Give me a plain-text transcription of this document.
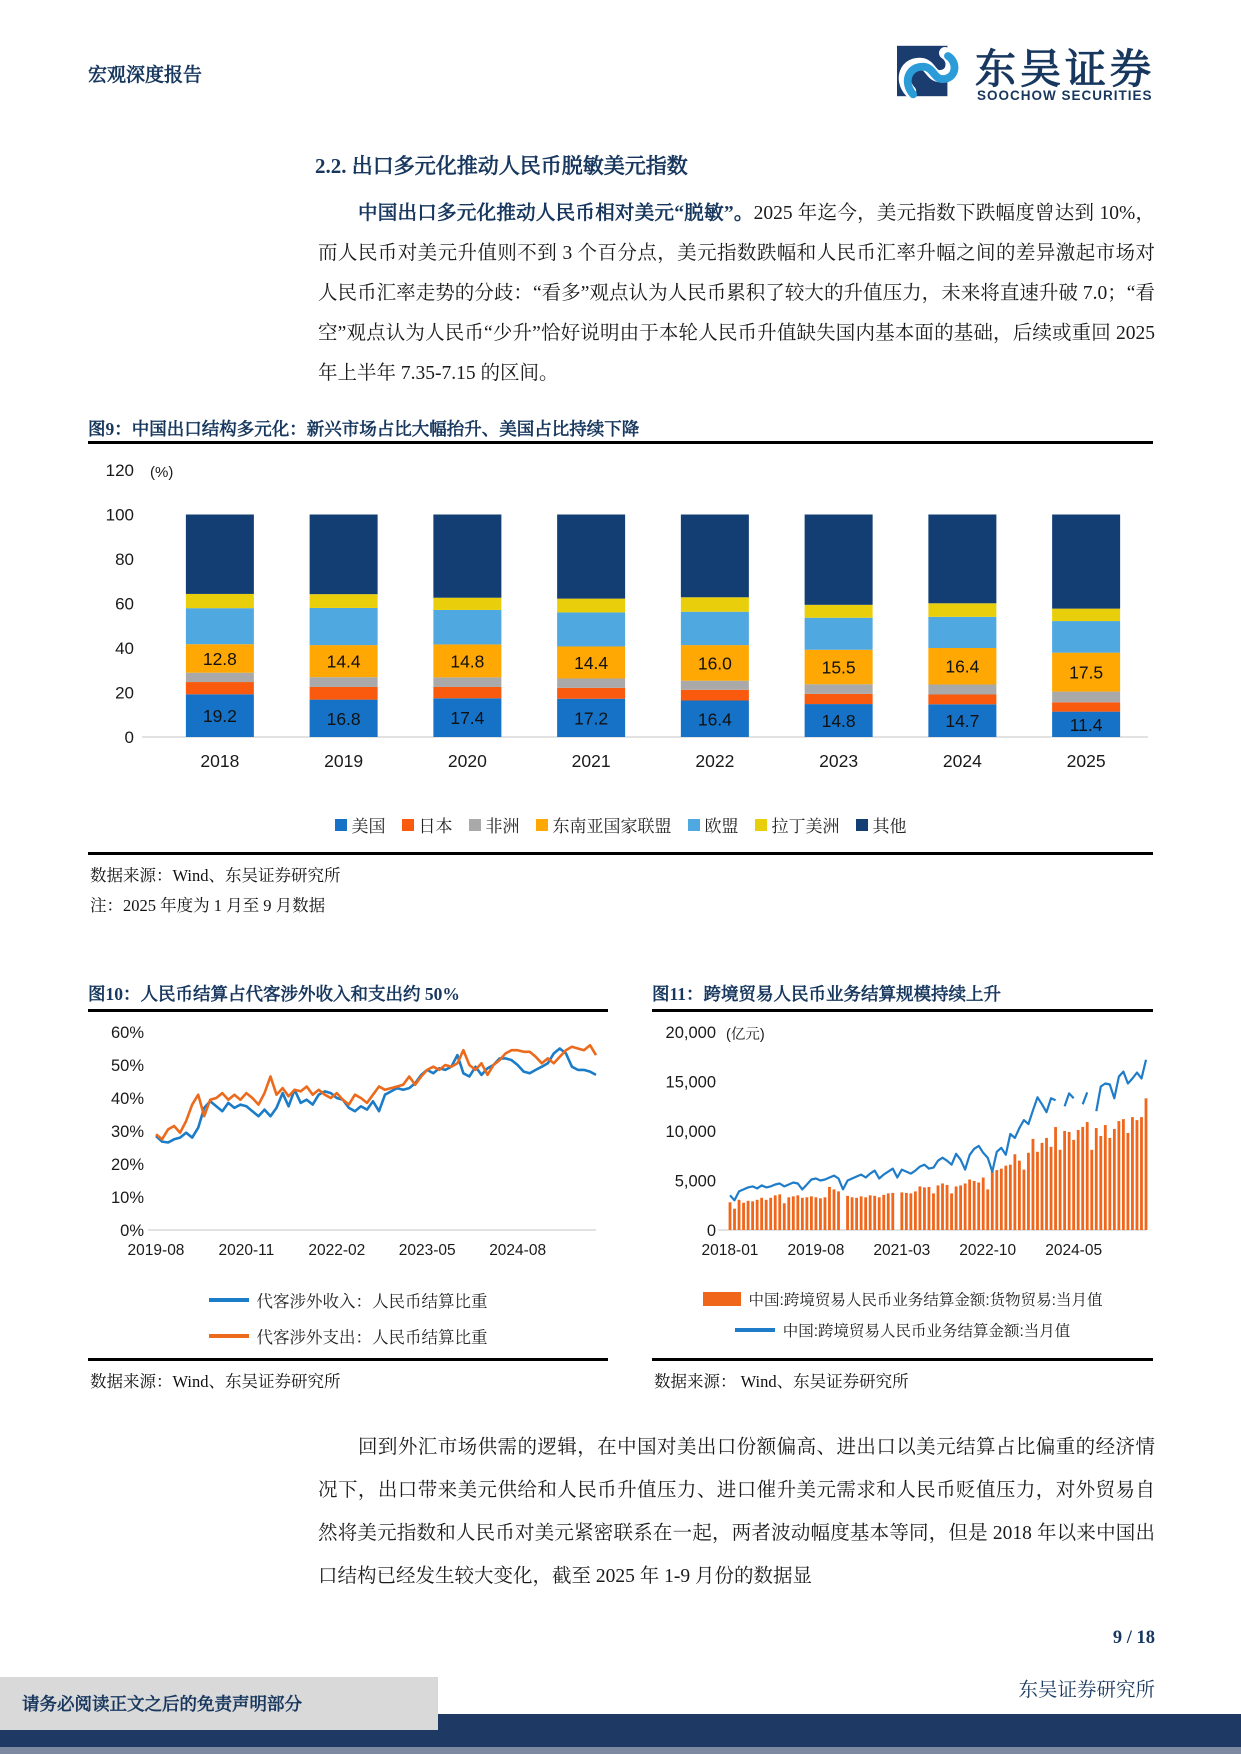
宏观深度报告	东吴证券
SOOCHOW SECURITIES
2.2. 出口多元化推动人民币脱敏美元指数
中国出口多元化推动人民币相对美元“脱敏”。2025 年迄今，美元指数下跌幅度曾达到 10%，而人民币对美元升值则不到 3 个百分点，美元指数跌幅和人民币汇率升幅之间的差异激起市场对人民币汇率走势的分歧：“看多”观点认为人民币累积了较大的升值压力，未来将直速升破 7.0；“看空”观点认为人民币“少升”恰好说明由于本轮人民币升值缺失国内基本面的基础，后续或重回 2025 年上半年 7.35-7.15 的区间。
图9：中国出口结构多元化：新兴市场占比大幅抬升、美国占比持续下降
0
20
40
60
80
100
120 (%)
19.2
12.8
2018
16.8
14.4
2019
17.4
14.8
2020
17.2
14.4
2021
16.4
16.0
2022
14.8
15.5
2023
14.7
16.4
2024
11.4
17.5
2025
美国 日本 非洲 东南亚国家联盟 欧盟 拉丁美洲 其他
数据来源：Wind、东吴证券研究所
注：2025 年度为 1 月至 9 月数据
图10：人民币结算占代客涉外收入和支出约 50%
0%
10%
20%
30%
40%
50%
60%
2019-08 2020-11 2022-02 2023-05 2024-08
代客涉外收入：人民币结算比重
代客涉外支出：人民币结算比重
数据来源：Wind、东吴证券研究所
图11：跨境贸易人民币业务结算规模持续上升
0
5,000
10,000
15,000
20,000 (亿元)
2018-01 2019-08 2021-03 2022-10 2024-05
中国:跨境贸易人民币业务结算金额:货物贸易:当月值
中国:跨境贸易人民币业务结算金额:当月值
数据来源： Wind、东吴证券研究所
回到外汇市场供需的逻辑，在中国对美出口份额偏高、进出口以美元结算占比偏重的经济情况下，出口带来美元供给和人民币升值压力、进口催升美元需求和人民币贬值压力，对外贸易自然将美元指数和人民币对美元紧密联系在一起，两者波动幅度基本等同，但是 2018 年以来中国出口结构已经发生较大变化，截至 2025 年 1-9 月份的数据显
9 / 18
东吴证券研究所
请务必阅读正文之后的免责声明部分
